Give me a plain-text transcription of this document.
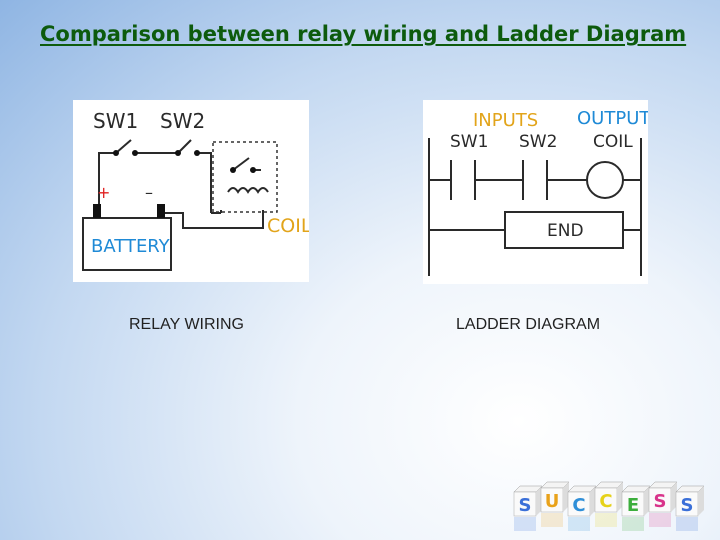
Comparison between relay wiring and Ladder Diagram
SW1 SW2
+ –
BATTERY
COIL
INPUTS OUTPUT
SW1 SW2 COIL
END
RELAY WIRING	LADDER DIAGRAM
S U C C E S S
